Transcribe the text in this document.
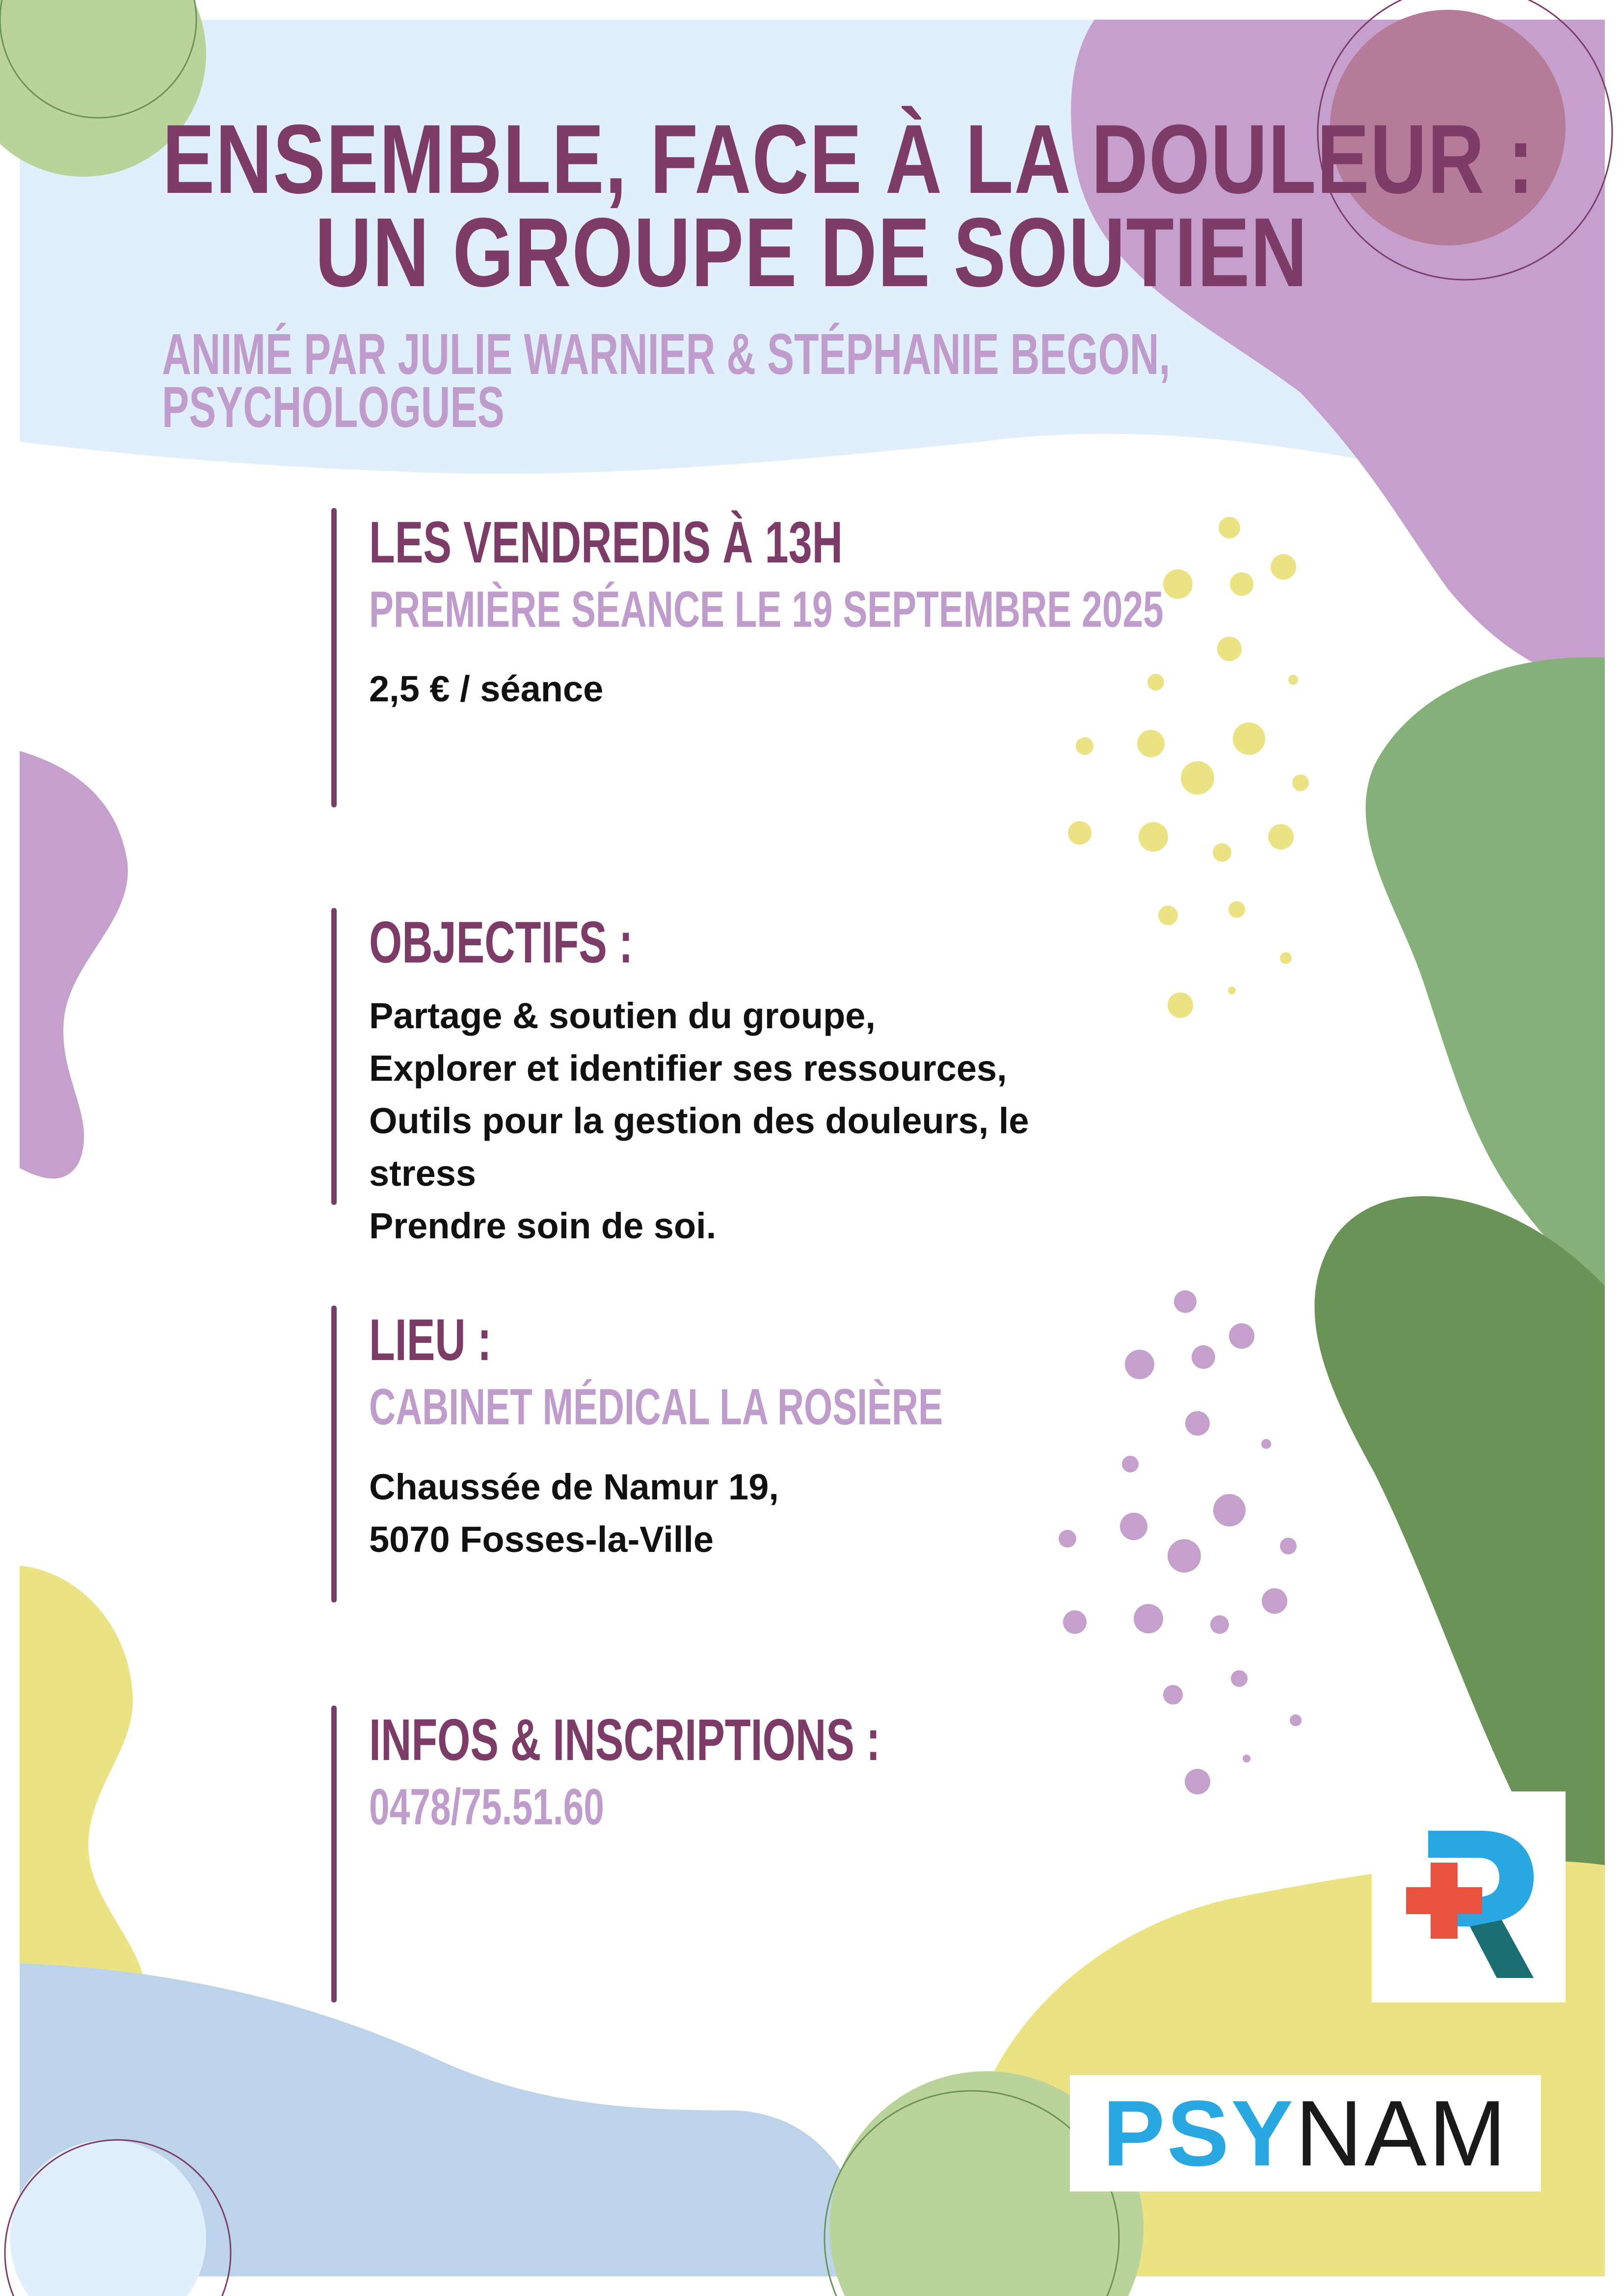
ENSEMBLE, FACE À LA DOULEUR :
UN GROUPE DE SOUTIEN
ANIMÉ PAR JULIE WARNIER & STÉPHANIE BEGON,
PSYCHOLOGUES
LES VENDREDIS À 13H
PREMIÈRE SÉANCE LE 19 SEPTEMBRE 2025
2,5 € / séance
OBJECTIFS :
Partage & soutien du groupe,
Explorer et identifier ses ressources,
Outils pour la gestion des douleurs, le
stress
Prendre soin de soi.
LIEU :
CABINET MÉDICAL LA ROSIÈRE
Chaussée de Namur 19,
5070 Fosses-la-Ville
INFOS & INSCRIPTIONS :
0478/75.51.60
PSY NAM
